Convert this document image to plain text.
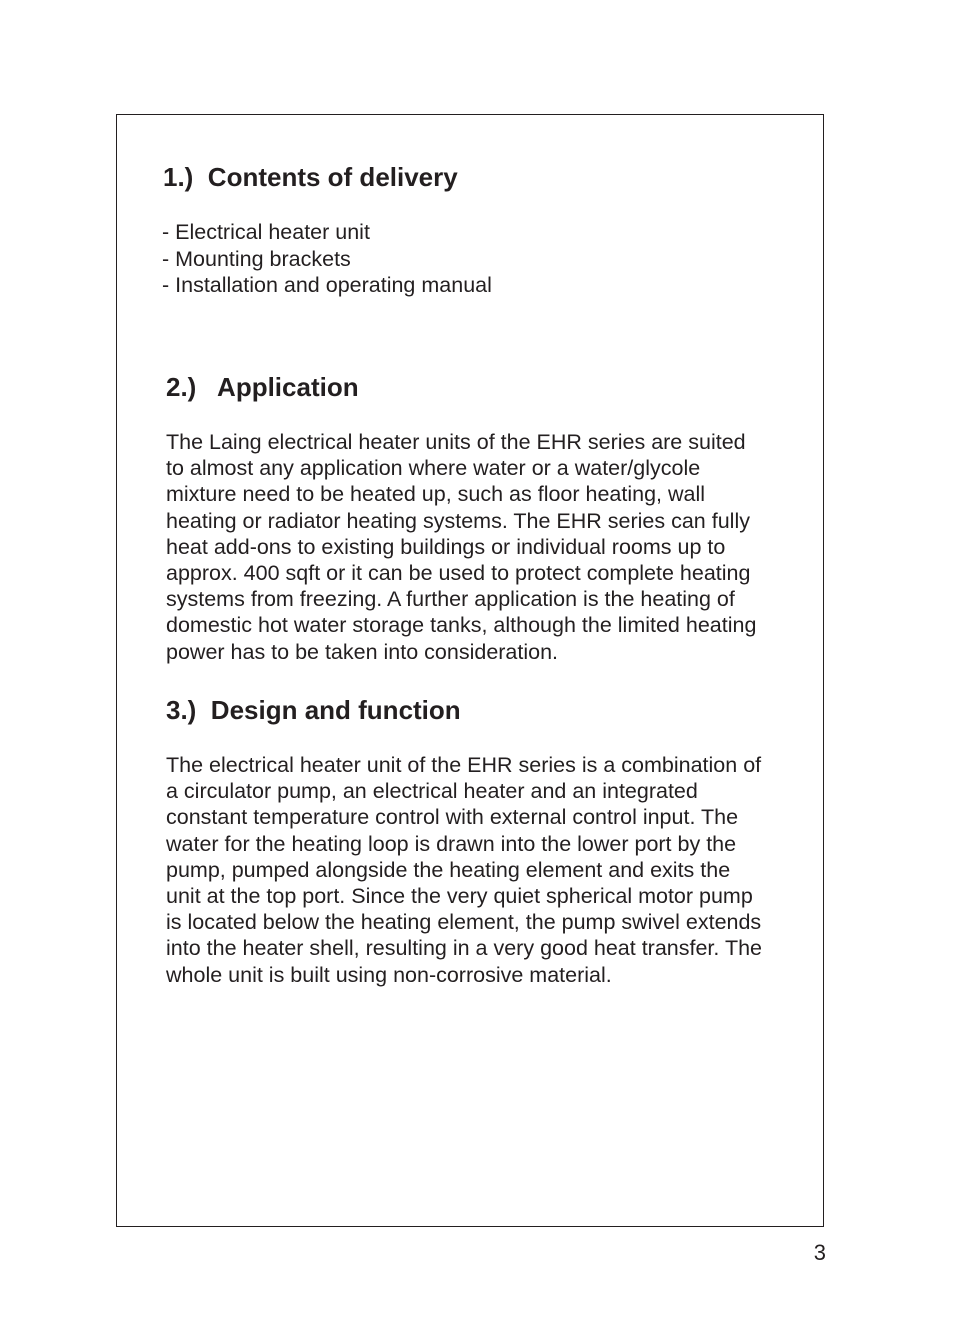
1.)  Contents of delivery
- Electrical heater unit
- Mounting brackets
- Installation and operating manual
2.)   Application

The Laing electrical heater units of the EHR series are suited
to almost any application where water or a water/glycole
mixture need to be heated up, such as floor heating, wall
heating or radiator heating systems. The EHR series can fully
heat add-ons to existing buildings or individual rooms up to
approx. 400 sqft or it can be used to protect complete heating
systems from freezing. A further application is the heating of
domestic hot water storage tanks, although the limited heating
power has to be taken into consideration.

3.)  Design and function

The electrical heater unit of the EHR series is a combination of
a circulator pump, an electrical heater and an integrated
constant temperature control with external control input. The
water for the heating loop is drawn into the lower port by the
pump, pumped alongside the heating element and exits the
unit at the top port. Since the very quiet spherical motor pump
is located below the heating element, the pump swivel extends
into the heater shell, resulting in a very good heat transfer. The
whole unit is built using non-corrosive material.

3
